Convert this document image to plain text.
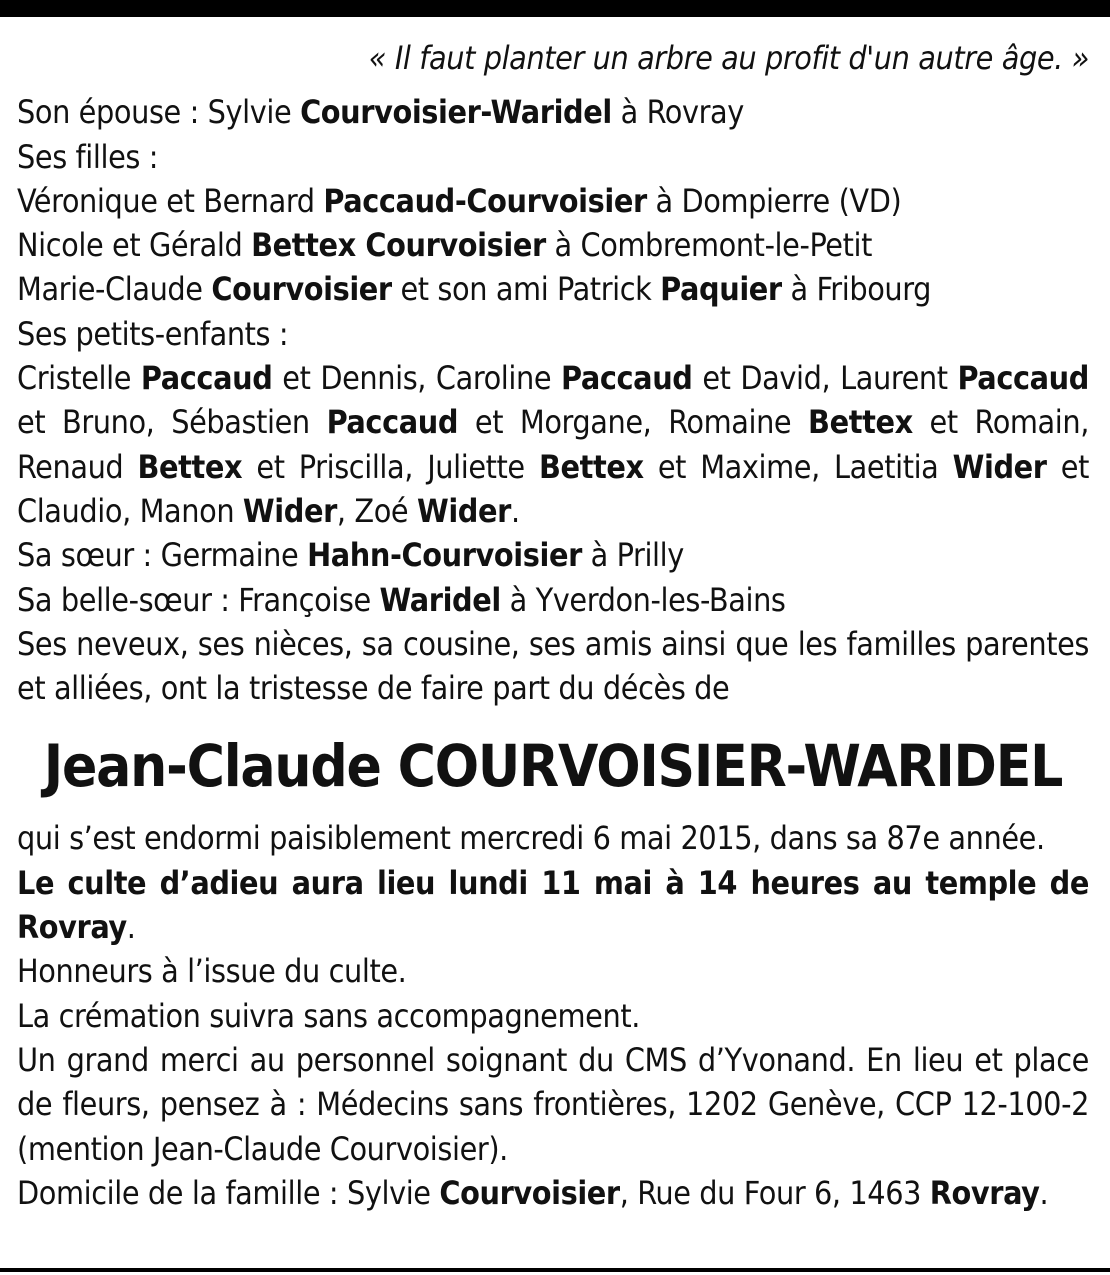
« Il faut planter un arbre au profit d'un autre âge. »
Son épouse : Sylvie Courvoisier-Waridel à Rovray
Ses filles :
Véronique et Bernard Paccaud-Courvoisier à Dompierre (VD)
Nicole et Gérald Bettex Courvoisier à Combremont-le-Petit
Marie-Claude Courvoisier et son ami Patrick Paquier à Fribourg
Ses petits-enfants :
Cristelle Paccaud et Dennis, Caroline Paccaud et David, Laurent Paccaud et Bruno, Sébastien Paccaud et Morgane, Romaine Bettex et Romain, Renaud Bettex et Priscilla, Juliette Bettex et Maxime, Laetitia Wider et Claudio, Manon Wider, Zoé Wider.
Sa sœur : Germaine Hahn-Courvoisier à Prilly
Sa belle-sœur : Françoise Waridel à Yverdon-les-Bains
Ses neveux, ses nièces, sa cousine, ses amis ainsi que les familles parentes et alliées, ont la tristesse de faire part du décès de
Jean-Claude COURVOISIER-WARIDEL
qui s’est endormi paisiblement mercredi 6 mai 2015, dans sa 87e année.
Le culte d’adieu aura lieu lundi 11 mai à 14 heures au temple de Rovray.
Honneurs à l’issue du culte.
La crémation suivra sans accompagnement.
Un grand merci au personnel soignant du CMS d’Yvonand. En lieu et place de fleurs, pensez à : Médecins sans frontières, 1202 Genève, CCP 12-100-2 (mention Jean-Claude Courvoisier).
Domicile de la famille : Sylvie Courvoisier, Rue du Four 6, 1463 Rovray.
